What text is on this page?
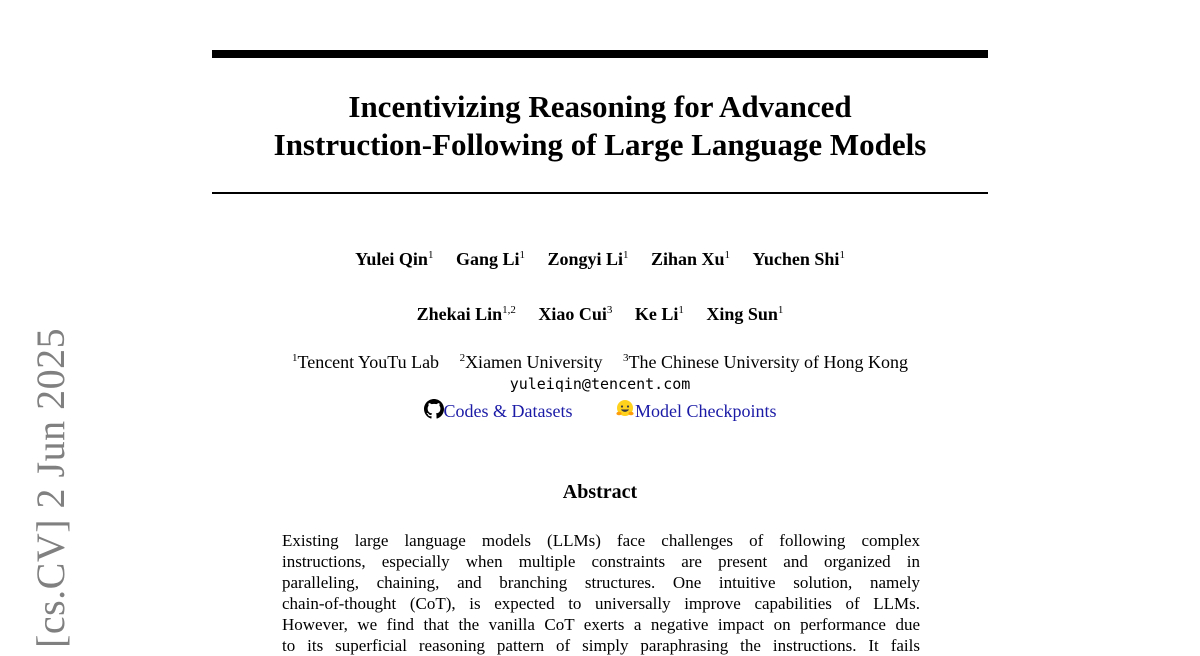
Incentivizing Reasoning for Advanced
Instruction-Following of Large Language Models
Yulei Qin$^1$ Gang Li$^1$ Zongyi Li$^1$ Zihan Xu$^1$ Yuchen Shi$^1$
Zhekai Lin$^{1,2}$ Xiao Cui$^3$ Ke Li$^1$ Xing Sun$^1$
$^1$Tencent YouTu Lab $^2$Xiamen University $^3$The Chinese University of Hong Kong
yuleiqin@tencent.com
Codes & Datasets	Model Checkpoints
Abstract

Existing large language models (LLMs) face challenges of following complex
instructions, especially when multiple constraints are present and organized in
paralleling, chaining, and branching structures. One intuitive solution, namely
chain-of-thought (CoT), is expected to universally improve capabilities of LLMs.
However, we find that the vanilla CoT exerts a negative impact on performance due
to its superficial reasoning pattern of simply paraphrasing the instructions. It fails

[cs.CV] 2 Jun 2025
